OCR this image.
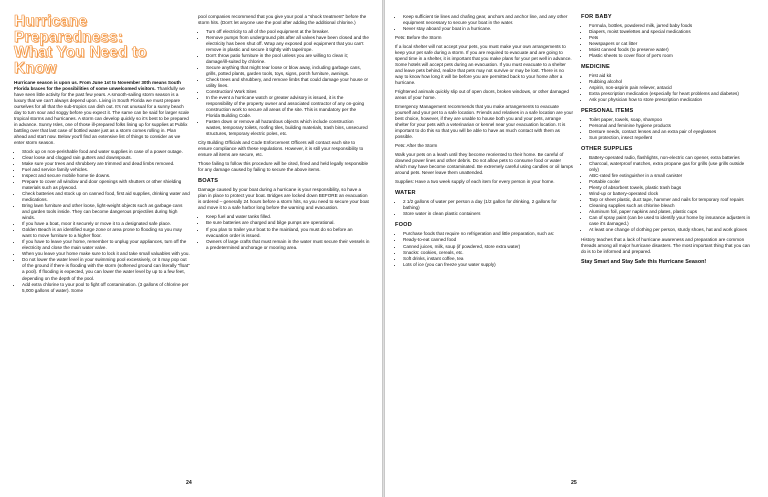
Hurricane Preparedness:
What You Need to Know

Hurricane season is upon us. From June 1st to November 30th means South Florida braces for the possibilities of some unwelcomed visitors. Thankfully we have seen little activity for the past few years. A smooth-sailing storm season is a luxury that we can't always depend upon. Living in South Florida we must prepare ourselves for all that the sub-tropics can dish out. It's not unusual for a sunny beach day to turn sour and soggy before you expect it. The same can be said for larger scale tropical storms and hurricanes. A storm can develop quickly so it's best to be prepared in advance. Sunny Isles, one of those ill-prepared folks lining up for supplies at Publix battling over that last case of bottled water just as a storm comes rolling in. Plan ahead and start now. Below you'll find an extensive list of things to consider as we enter storm season.

• Stock up on non-perishable food and water supplies in case of a power outage.
• Clear loose and clogged rain gutters and downspouts.
• Make sure your trees and shrubbery are trimmed and dead limbs removed.
• Fuel and service family vehicles.
• Inspect and secure mobile home tie downs.
• Prepare to cover all window and door openings with shutters or other shielding materials such as plywood.
• Check batteries and stock up on canned food, first aid supplies, drinking water and medications.
• Bring lawn furniture and other loose, light-weight objects such as garbage cans and garden tools inside. They can become dangerous projectiles during high winds.
• If you have a boat, moor it securely or move it to a designated safe place.
• Golden Beach is an identified surge zone or area prone to flooding so you may want to move furniture to a higher floor.
• If you have to leave your home, remember to unplug your appliances, turn off the electricity and close the main water valve.
• When you leave your home make sure to lock it and take small valuables with you.
• Do not lower the water level in your swimming pool excessively, or it may pop out of the ground if there is flooding with the storm (softened ground can literally "float" a pool). If flooding is expected, you can lower the water level by up to a few feet, depending on the depth of the pool.
• Add extra chlorine to your pool to fight off contamination. (3 gallons of chlorine per 5,000 gallons of water). Some

pool companies recommend that you give your pool a "shock treatment" before the storm hits. (Don't let anyone use the pool after adding the additional chlorine.)

• Turn off electricity to all of the pool equipment at the breaker.
• Remove pumps from underground pits after all valves have been closed and the electricity has been shut off. Wrap any exposed pool equipment that you can't remove in plastic and secure it tightly with tape/rope.
• Don't throw patio furniture in the pool unless you are willing to clean it; damage/ill-suited by chlorine.
• Secure anything that might tear loose or blow away, including garbage cans, grills, potted plants, garden tools, toys, signs, porch furniture, awnings.
• Check trees and shrubbery, and remove limbs that could damage your house or utility lines.
• Construction/ Work Sites
• In the event a hurricane watch or greater advisory is issued, it is the responsibility of the property owner and associated contractor of any on-going construction work to secure all areas of the site. This is mandatory per the Florida Building Code.
• Fasten down or remove all hazardous objects which include construction wastes, temporary toilets, roofing tiles, building materials, trash bins, unsecured structures, temporary electric poles, etc.

City Building Officials and Code Enforcement Officers will contact each site to ensure compliance with these regulations. However, it is still your responsibility to ensure all items are secure, etc.

Those failing to follow this procedure will be cited, fined and held legally responsible for any damage caused by failing to secure the above items.

BOATS

Damage caused by your boat during a hurricane is your responsibility, so have a plan in place to protect your boat. Bridges are locked down BEFORE an evacuation is ordered – generally 24 hours before a storm hits, so you need to secure your boat and move it to a safe harbor long before the warning and evacuation.

• Keep fuel and water tanks filled.
• Be sure batteries are charged and bilge pumps are operational.
• If you plan to trailer your boat to the mainland, you must do so before an evacuation order is issued.
• Owners of large crafts that must remain in the water must secure their vessels in a predetermined anchorage or mooring area.
24
• Keep sufficient tie lines and chafing gear, anchors and anchor line, and any other equipment necessary to secure your boat in the water.
• Never stay aboard your boat in a hurricane.

Pets: Before the Storm

If a local shelter will not accept your pets, you must make your own arrangements to keep your pet safe during a storm. If you are required to evacuate and are going to spend time in a shelter, it is important that you make plans for your pet well in advance. Some hotels will accept pets during an evacuation. If you must evacuate to a shelter and leave pets behind, realize that pets may not survive or may be lost. There is no way to know how long it will be before you are permitted back to your home after a hurricane.

Frightened animals quickly slip out of open doors, broken windows, or other damaged areas of your home.

Emergency Management recommends that you make arrangements to evacuate yourself and your pet to a safe location. Friends and relatives in a safe location are your best choice, however, if they are unable to house both you and your pets, arrange shelter for your pets with a veterinarian or kennel near your evacuation location. It is important to do this so that you will be able to have as much contact with them as possible.

Pets: After the Storm

Walk your pets on a leash until they become reoriented to their home. Be careful of downed power lines and other debris. Do not allow pets to consume food or water which may have become contaminated. Be extremely careful using candles or oil lamps around pets. Never leave them unattended.

Supplies: Have a two week supply of each item for every person in your home.

WATER
• 2 1/2 gallons of water per person a day (1/2 gallon for drinking, 2 gallons for bathing)
• Store water in clean plastic containers
FOOD
• Purchase foods that require no refrigeration and little preparation, such as:
• Ready-to-eat canned food
• Canned juices, milk, soup (if powdered, store extra water)
• Snacks: cookies, cereals, etc.
• Soft drinks, instant coffee, tea
• Lots of ice (you can freeze your water supply)
FOR BABY
• Formula, bottles, powdered milk, jarred baby foods
• Diapers, moist towelettes and special medications
• Pets
• Newspapers or cat litter
• Moist canned foods (to preserve water)
• Plastic sheets to cover floor of pet's room
MEDICINE
• First aid kit
• Rubbing alcohol
• Aspirin, non-aspirin pain reliever, antacid
• Extra prescription medication (especially for heart problems and diabetes)
• Ask your physician how to store prescription medication
PERSONAL ITEMS
• Toilet paper, towels, soap, shampoo
• Personal and feminine hygiene products
• Denture needs, contact lenses and an extra pair of eyeglasses
• Sun protection, insect repellent
OTHER SUPPLIES
• Battery-operated radio, flashlights, non-electric can opener, extra batteries
• Charcoal, waterproof matches, extra propane gas for grills (use grills outside only)
• ABC-rated fire extinguisher in a small canister
• Portable cooler
• Plenty of absorbent towels, plastic trash bags
• Wind-up or battery-operated clock
• Tarp or sheet plastic, duct tape, hammer and nails for temporary roof repairs
• Cleaning supplies such as chlorine bleach
• Aluminum foil, paper napkins and plates, plastic cups
• Can of spray paint (can be used to identify your home by insurance adjusters in case it's damaged.)
• At least one change of clothing per person, sturdy shoes, hat and work gloves

History teaches that a lack of hurricane awareness and preparation are common threads among all major hurricane disasters. The most important thing that you can do is to be informed and prepared.

Stay Smart and Stay Safe this Hurricane Season!
25
